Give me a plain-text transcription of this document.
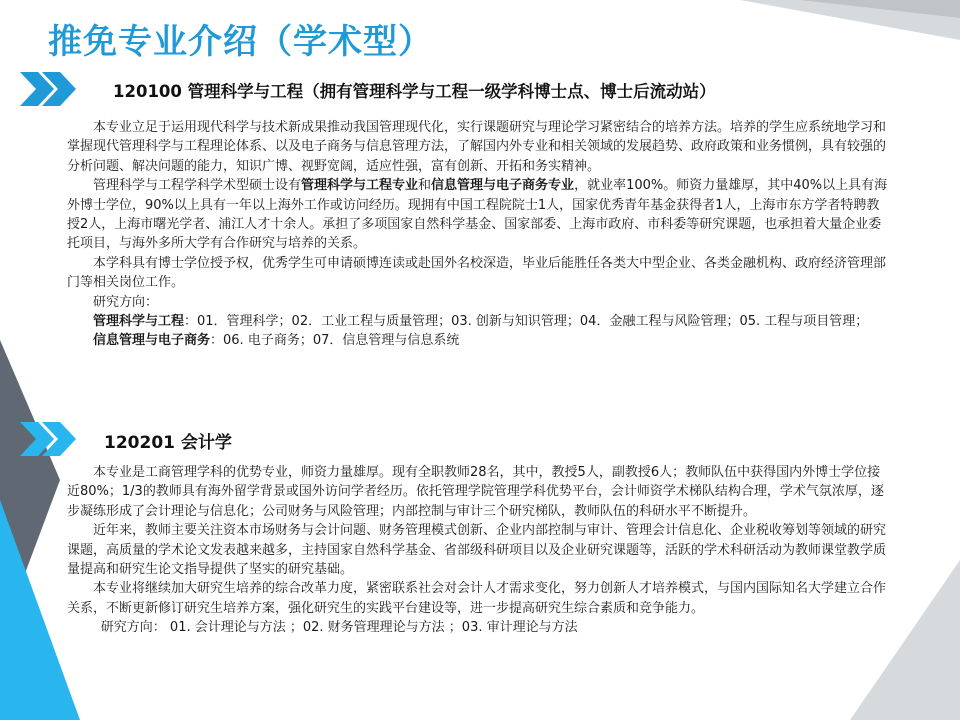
推免专业介绍（学术型）
120100 管理科学与工程（拥有管理科学与工程一级学科博士点、博士后流动站）

本专业立足于运用现代科学与技术新成果推动我国管理现代化，实行课题研究与理论学习紧密结合的培养方法。培养的学生应系统地学习和掌握现代管理科学与工程理论体系、以及电子商务与信息管理方法，了解国内外专业和相关领域的发展趋势、政府政策和业务惯例，具有较强的分析问题、解决问题的能力，知识广博、视野宽阔，适应性强，富有创新、开拓和务实精神。

管理科学与工程学科学术型硕士设有管理科学与工程专业和信息管理与电子商务专业，就业率100%。师资力量雄厚，其中40%以上具有海外博士学位，90%以上具有一年以上海外工作或访问经历。现拥有中国工程院院士1人，国家优秀青年基金获得者1人，上海市东方学者特聘教授2人，上海市曙光学者、浦江人才十余人。承担了多项国家自然科学基金、国家部委、上海市政府、市科委等研究课题，也承担着大量企业委托项目，与海外多所大学有合作研究与培养的关系。

本学科具有博士学位授予权，优秀学生可申请硕博连读或赴国外名校深造，毕业后能胜任各类大中型企业、各类金融机构、政府经济管理部门等相关岗位工作。

研究方向：

管理科学与工程：01．管理科学；02．工业工程与质量管理；03. 创新与知识管理；04．金融工程与风险管理；05. 工程与项目管理；

信息管理与电子商务：06. 电子商务；07．信息管理与信息系统

120201 会计学

本专业是工商管理学科的优势专业，师资力量雄厚。现有全职教师28名，其中，教授5人，副教授6人；教师队伍中获得国内外博士学位接近80%；1/3的教师具有海外留学背景或国外访问学者经历。依托管理学院管理学科优势平台，会计师资学术梯队结构合理，学术气氛浓厚，逐步凝练形成了会计理论与信息化；公司财务与风险管理；内部控制与审计三个研究梯队，教师队伍的科研水平不断提升。

近年来，教师主要关注资本市场财务与会计问题、财务管理模式创新、企业内部控制与审计、管理会计信息化、企业税收筹划等领域的研究课题，高质量的学术论文发表越来越多，主持国家自然科学基金、省部级科研项目以及企业研究课题等，活跃的学术科研活动为教师课堂教学质量提高和研究生论文指导提供了坚实的研究基础。

本专业将继续加大研究生培养的综合改革力度，紧密联系社会对会计人才需求变化，努力创新人才培养模式，与国内国际知名大学建立合作关系，不断更新修订研究生培养方案，强化研究生的实践平台建设等，进一步提高研究生综合素质和竞争能力。

研究方向： 01. 会计理论与方法 ；02. 财务管理理论与方法 ；03. 审计理论与方法
